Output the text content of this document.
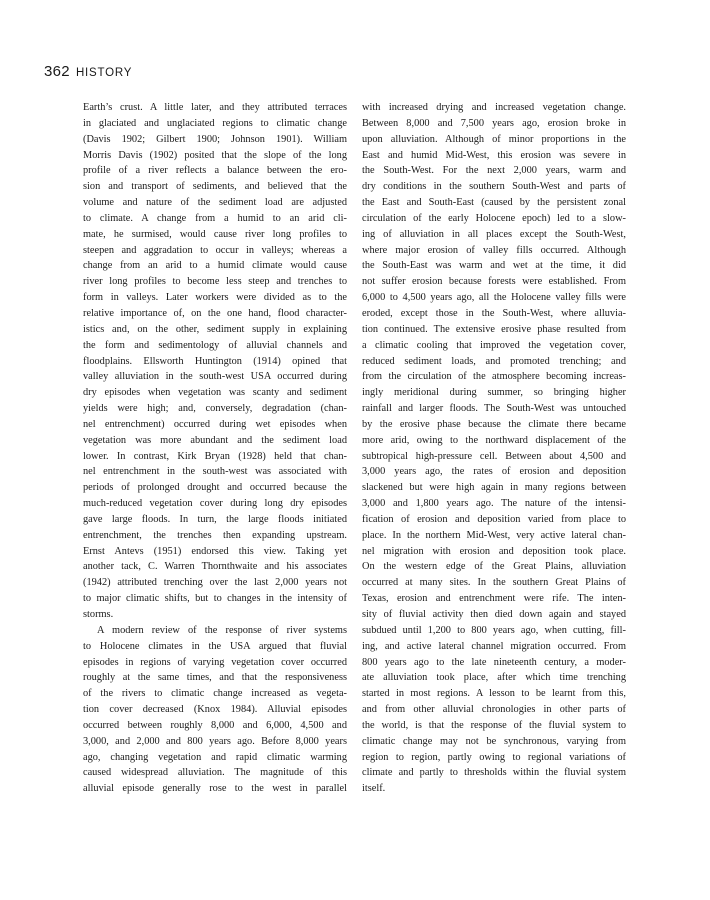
362 HISTORY
Earth’s crust. A little later, and they attributed terraces
in glaciated and unglaciated regions to climatic change
(Davis 1902; Gilbert 1900; Johnson 1901). William
Morris Davis (1902) posited that the slope of the long
profile of a river reflects a balance between the ero-
sion and transport of sediments, and believed that the
volume and nature of the sediment load are adjusted
to climate. A change from a humid to an arid cli-
mate, he surmised, would cause river long profiles to
steepen and aggradation to occur in valleys; whereas a
change from an arid to a humid climate would cause
river long profiles to become less steep and trenches to
form in valleys. Later workers were divided as to the
relative importance of, on the one hand, flood character-
istics and, on the other, sediment supply in explaining
the form and sedimentology of alluvial channels and
floodplains. Ellsworth Huntington (1914) opined that
valley alluviation in the south-west USA occurred during
dry episodes when vegetation was scanty and sediment
yields were high; and, conversely, degradation (chan-
nel entrenchment) occurred during wet episodes when
vegetation was more abundant and the sediment load
lower. In contrast, Kirk Bryan (1928) held that chan-
nel entrenchment in the south-west was associated with
periods of prolonged drought and occurred because the
much-reduced vegetation cover during long dry episodes
gave large floods. In turn, the large floods initiated
entrenchment, the trenches then expanding upstream.
Ernst Antevs (1951) endorsed this view. Taking yet
another tack, C. Warren Thornthwaite and his associates
(1942) attributed trenching over the last 2,000 years not
to major climatic shifts, but to changes in the intensity of
storms.
A modern review of the response of river systems
to Holocene climates in the USA argued that fluvial
episodes in regions of varying vegetation cover occurred
roughly at the same times, and that the responsiveness
of the rivers to climatic change increased as vegeta-
tion cover decreased (Knox 1984). Alluvial episodes
occurred between roughly 8,000 and 6,000, 4,500 and
3,000, and 2,000 and 800 years ago. Before 8,000 years
ago, changing vegetation and rapid climatic warming
caused widespread alluviation. The magnitude of this
alluvial episode generally rose to the west in parallel
with increased drying and increased vegetation change.
Between 8,000 and 7,500 years ago, erosion broke in
upon alluviation. Although of minor proportions in the
East and humid Mid-West, this erosion was severe in
the South-West. For the next 2,000 years, warm and
dry conditions in the southern South-West and parts of
the East and South-East (caused by the persistent zonal
circulation of the early Holocene epoch) led to a slow-
ing of alluviation in all places except the South-West,
where major erosion of valley fills occurred. Although
the South-East was warm and wet at the time, it did
not suffer erosion because forests were established. From
6,000 to 4,500 years ago, all the Holocene valley fills were
eroded, except those in the South-West, where alluvia-
tion continued. The extensive erosive phase resulted from
a climatic cooling that improved the vegetation cover,
reduced sediment loads, and promoted trenching; and
from the circulation of the atmosphere becoming increas-
ingly meridional during summer, so bringing higher
rainfall and larger floods. The South-West was untouched
by the erosive phase because the climate there became
more arid, owing to the northward displacement of the
subtropical high-pressure cell. Between about 4,500 and
3,000 years ago, the rates of erosion and deposition
slackened but were high again in many regions between
3,000 and 1,800 years ago. The nature of the intensi-
fication of erosion and deposition varied from place to
place. In the northern Mid-West, very active lateral chan-
nel migration with erosion and deposition took place.
On the western edge of the Great Plains, alluviation
occurred at many sites. In the southern Great Plains of
Texas, erosion and entrenchment were rife. The inten-
sity of fluvial activity then died down again and stayed
subdued until 1,200 to 800 years ago, when cutting, fill-
ing, and active lateral channel migration occurred. From
800 years ago to the late nineteenth century, a moder-
ate alluviation took place, after which time trenching
started in most regions. A lesson to be learnt from this,
and from other alluvial chronologies in other parts of
the world, is that the response of the fluvial system to
climatic change may not be synchronous, varying from
region to region, partly owing to regional variations of
climate and partly to thresholds within the fluvial system
itself.
